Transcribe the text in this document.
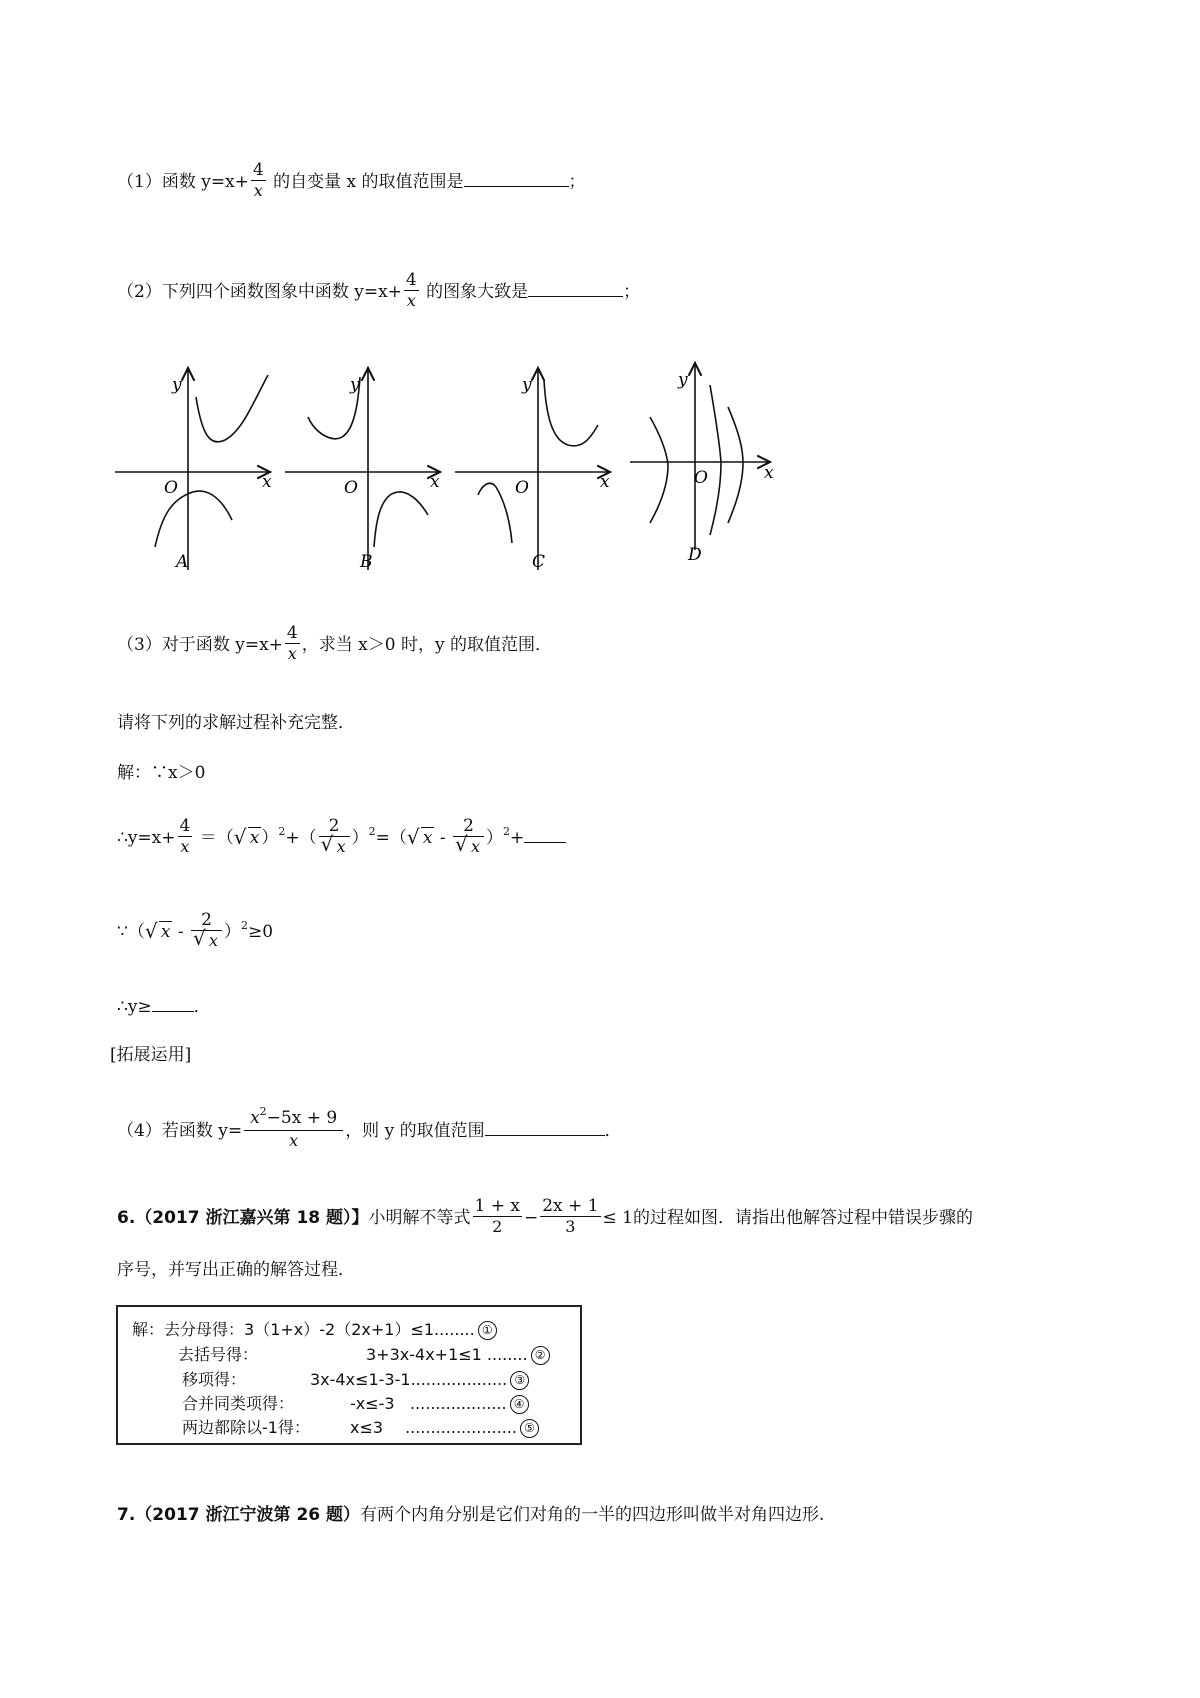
（1）函数 $y=x+ \frac{4}{x}$ 的自变量 x 的取值范围是	；
（2）下列四个函数图象中函数 $y=x+ \frac{4}{x}$ 的图象大致是	；
y
x
O
A
y
x
O
B
y
x
O
C
y
x
O
D
（3）对于函数 $y=x+ \frac{4}{x}$ ，求当 x＞0 时，y 的取值范围．
请将下列的求解过程补充完整．
解：∵x＞0
∴y=x+ $\frac{4}{x}$ ＝（ √ x ）$^2+( \frac{2}{√ x} )^2=$（ √ $x - \frac{2}{√ x} )^2+$
∵（ √ $x - \frac{2}{√ x} )^2\ge 0$
∴y≥ ．
[拓展运用]
（4）若函数 $y= \frac{x^2-5x + 9}{x}$ ，则 y 的取值范围	．
6.（2017 浙江嘉兴第 18 题）】小明解不等式 $\frac{1 + x}{2} - \frac{2x + 1}{3} \le 1$的过程如图．请指出他解答过程中错误步骤的
序号，并写出正确的解答过程．
解：去分母得：3（1+x）-2（2x+1）≤1........ ①
去括号得：	3+3x-4x+1≤1 ........ ②
移项得：	3x-4x≤1-3-1................... ③
合并同类项得：	-x≤-3 ................... ④
两边都除以-1得：	x≤3 ...................... ⑤
7.（2017 浙江宁波第 26 题）有两个内角分别是它们对角的一半的四边形叫做半对角四边形.
